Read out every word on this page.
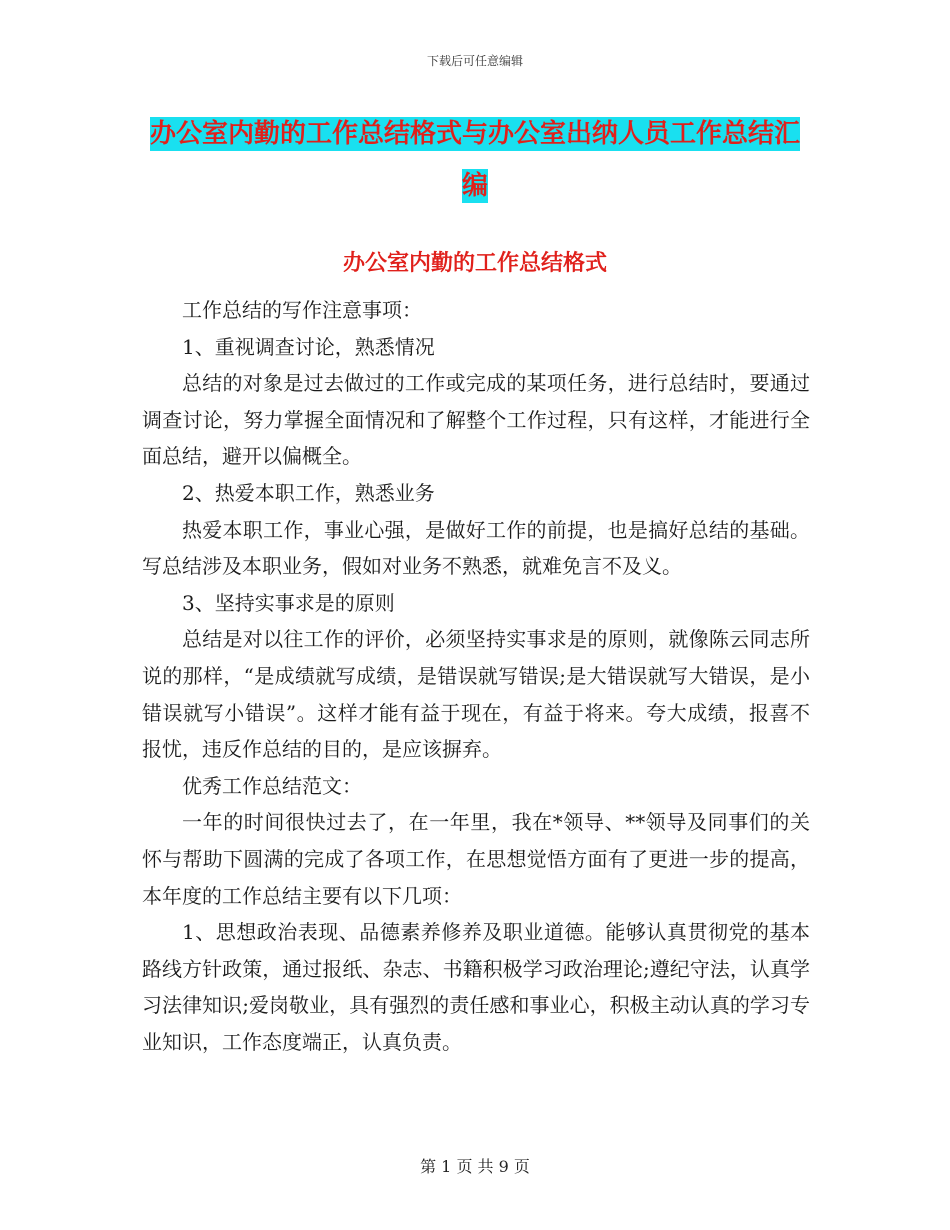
下载后可任意编辑
办公室内勤的工作总结格式与办公室出纳人员工作总结汇编
办公室内勤的工作总结格式

工作总结的写作注意事项：

1、重视调查讨论，熟悉情况

总结的对象是过去做过的工作或完成的某项任务，进行总结时，要通过调查讨论，努力掌握全面情况和了解整个工作过程，只有这样，才能进行全面总结，避开以偏概全。

2、热爱本职工作，熟悉业务

热爱本职工作，事业心强，是做好工作的前提，也是搞好总结的基础。写总结涉及本职业务，假如对业务不熟悉，就难免言不及义。

3、坚持实事求是的原则

总结是对以往工作的评价，必须坚持实事求是的原则，就像陈云同志所说的那样，“是成绩就写成绩，是错误就写错误;是大错误就写大错误，是小错误就写小错误”。这样才能有益于现在，有益于将来。夸大成绩，报喜不报忧，违反作总结的目的，是应该摒弃。

优秀工作总结范文：

一年的时间很快过去了，在一年里，我在*领导、**领导及同事们的关怀与帮助下圆满的完成了各项工作，在思想觉悟方面有了更进一步的提高，本年度的工作总结主要有以下几项：

1、思想政治表现、品德素养修养及职业道德。能够认真贯彻党的基本路线方针政策，通过报纸、杂志、书籍积极学习政治理论;遵纪守法，认真学习法律知识;爱岗敬业，具有强烈的责任感和事业心，积极主动认真的学习专业知识，工作态度端正，认真负责。

第 1 页 共 9 页
